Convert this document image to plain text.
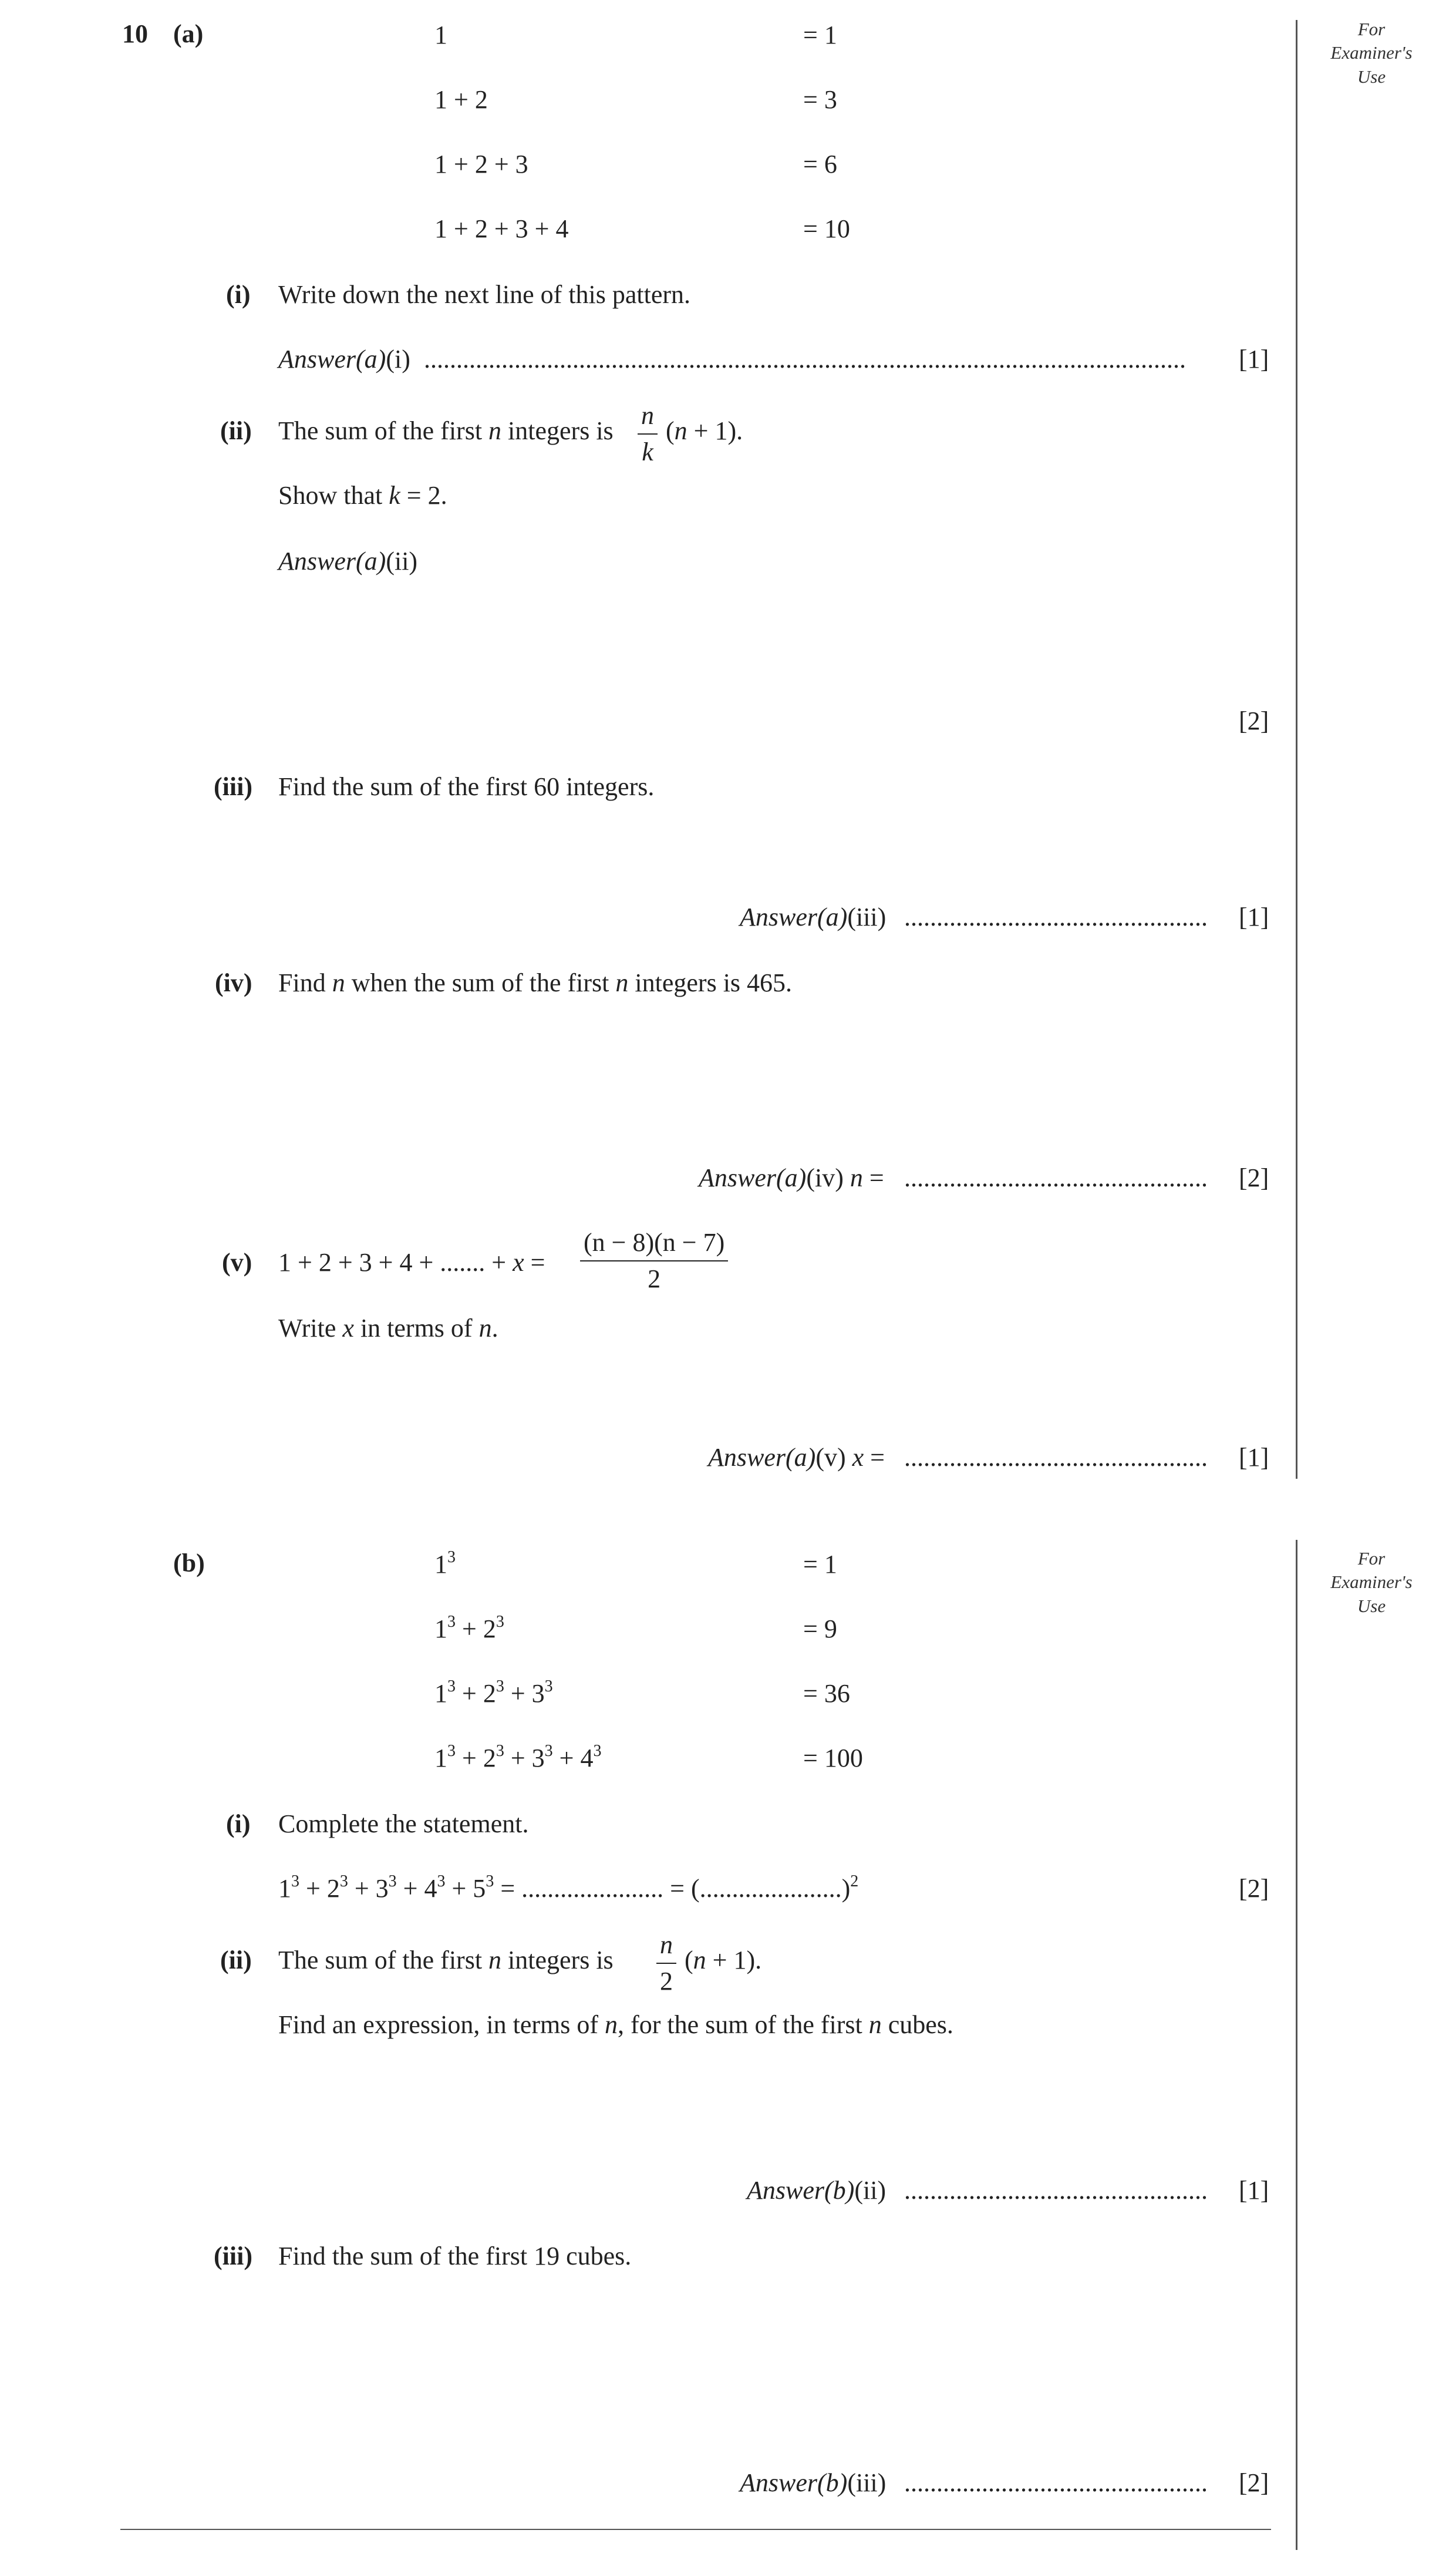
For
Examiner's
Use
For
Examiner's
Use
10 (a)	1	= 1
1 + 2	= 3
1 + 2 + 3	= 6
1 + 2 + 3 + 4	= 10
(i) Write down the next line of this pattern.
Answer(a)(i) ......................................................................................................................	[1]
(ii) The sum of the first n integers is $\frac{n}{k} (n + 1)$.
Show that k = 2.
Answer(a)(ii)
[2]
(iii) Find the sum of the first 60 integers.
Answer(a)(iii) ...............................................	[1]
(iv) Find n when the sum of the first n integers is 465.
Answer(a)(iv) n = ...............................................	[2]
(v) 1 + 2 + 3 + 4 + ....... + $x = \frac{(n - 8)(n - 7)}{2}$
Write x in terms of n.
Answer(a)(v) x = ...............................................	[1]
(b)	$1^3$	= 1
$1^3 + 2^3$	= 9
$1^3 + 2^3 + 3^3$	= 36
$1^3 + 2^3 + 3^3 + 4^3$	= 100
(i) Complete the statement.
$1^3 + 2^3 + 3^3 + 4^3 + 5^3$ = ...................... = (......................)$^2$	[2]
(ii) The sum of the first n integers is $\frac{n}{2} (n + 1)$.
Find an expression, in terms of n, for the sum of the first n cubes.
Answer(b)(ii) ...............................................	[1]
(iii) Find the sum of the first 19 cubes.
Answer(b)(iii) ...............................................	[2]
